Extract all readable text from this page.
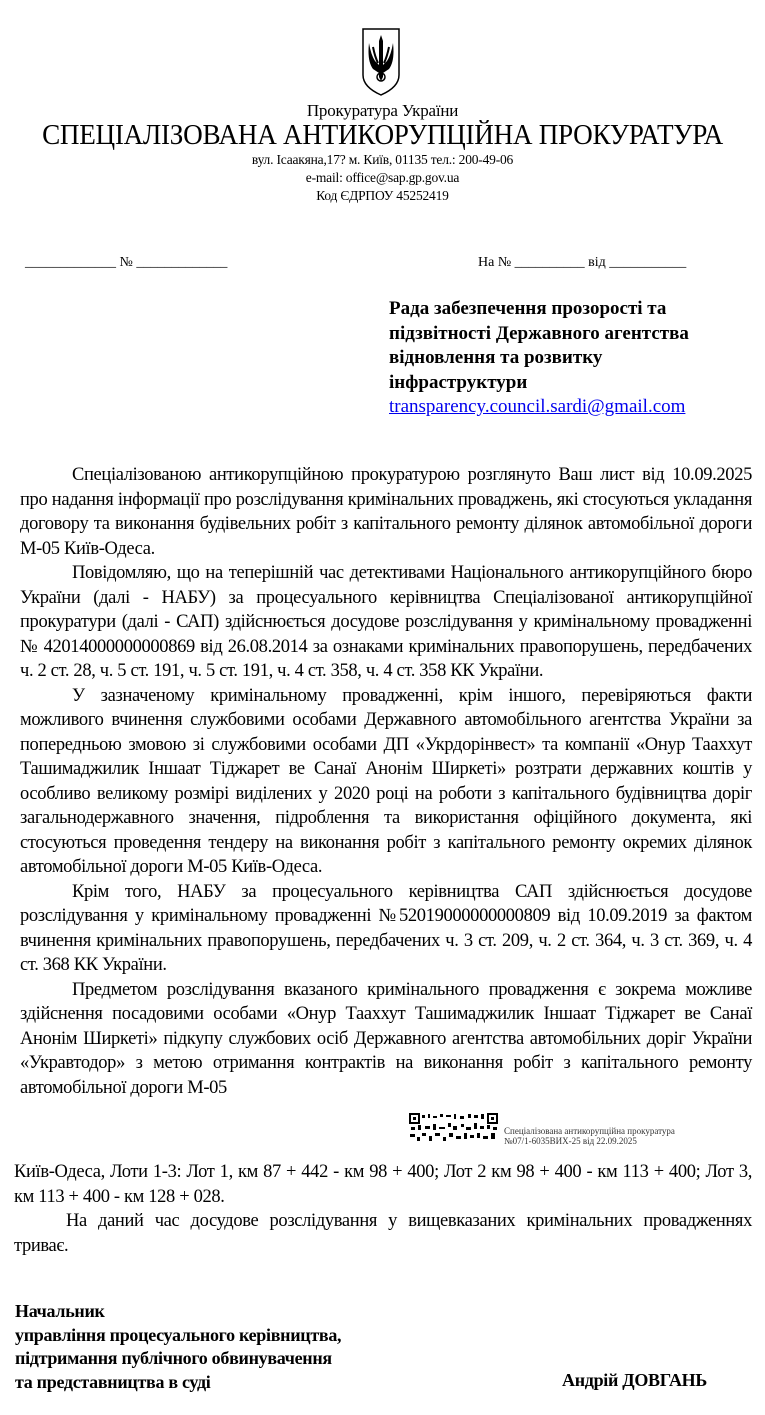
Прокуратура України
СПЕЦІАЛІЗОВАНА АНТИКОРУПЦІЙНА ПРОКУРАТУРА
вул. Ісаакяна,17? м. Київ, 01135 тел.: 200-49-06
e-mail: office@sap.gp.gov.ua
Код ЄДРПОУ 45252419
_____________ № _____________	На № __________ від ___________
Рада забезпечення прозорості та
підзвітності Державного агентства
відновлення та розвитку
інфраструктури
transparency.council.sardi@gmail.com

Спеціалізованою антикорупційною прокуратурою розглянуто Ваш лист від 10.09.2025 про надання інформації про розслідування кримінальних проваджень, які стосуються укладання договору та виконання будівельних робіт з капітального ремонту ділянок автомобільної дороги М-05 Київ-Одеса.

Повідомляю, що на теперішній час детективами Національного антикорупційного бюро України (далі - НАБУ) за процесуального керівництва Спеціалізованої антикорупційної прокуратури (далі - САП) здійснюється досудове розслідування у кримінальному провадженні № 42014000000000869 від 26.08.2014 за ознаками кримінальних правопорушень, передбачених ч. 2 ст. 28, ч. 5 ст. 191, ч. 5 ст. 191, ч. 4 ст. 358, ч. 4 ст. 358 КК України.

У зазначеному кримінальному провадженні, крім іншого, перевіряються факти можливого вчинення службовими особами Державного автомобільного агентства України за попередньою змовою зі службовими особами ДП «Укрдорінвест» та компанії «Онур Тааххут Ташимаджилик Іншаат Тіджарет ве Санаї Анонім Ширкеті» розтрати державних коштів у особливо великому розмірі виділених у 2020 році на роботи з капітального будівництва доріг загальнодержавного значення, підроблення та використання офіційного документа, які стосуються проведення тендеру на виконання робіт з капітального ремонту окремих ділянок автомобільної дороги М-05 Київ-Одеса.

Крім того, НАБУ за процесуального керівництва САП здійснюється досудове розслідування у кримінальному провадженні №52019000000000809 від 10.09.2019 за фактом вчинення кримінальних правопорушень, передбачених ч. 3 ст. 209, ч. 2 ст. 364, ч. 3 ст. 369, ч. 4 ст. 368 КК України.

Предметом розслідування вказаного кримінального провадження є зокрема можливе здійснення посадовими особами «Онур Тааххут Ташимаджилик Іншаат Тіджарет ве Санаї Анонім Ширкеті» підкупу службових осіб Державного агентства автомобільних доріг України «Укравтодор» з метою отримання контрактів на виконання робіт з капітального ремонту автомобільної дороги М-05

Спеціалізована антикорупційна прокуратура
№07/1-6035ВИХ-25 від 22.09.2025

Київ-Одеса, Лоти 1-3: Лот 1, км 87 + 442 - км 98 + 400; Лот 2 км 98 + 400 - км 113 + 400; Лот 3, км 113 + 400 - км 128 + 028.

На даний час досудове розслідування у вищевказаних кримінальних провадженнях триває.

Начальник
управління процесуального керівництва,
підтримання публічного обвинувачення
та представництва в суді	Андрій ДОВГАНЬ
